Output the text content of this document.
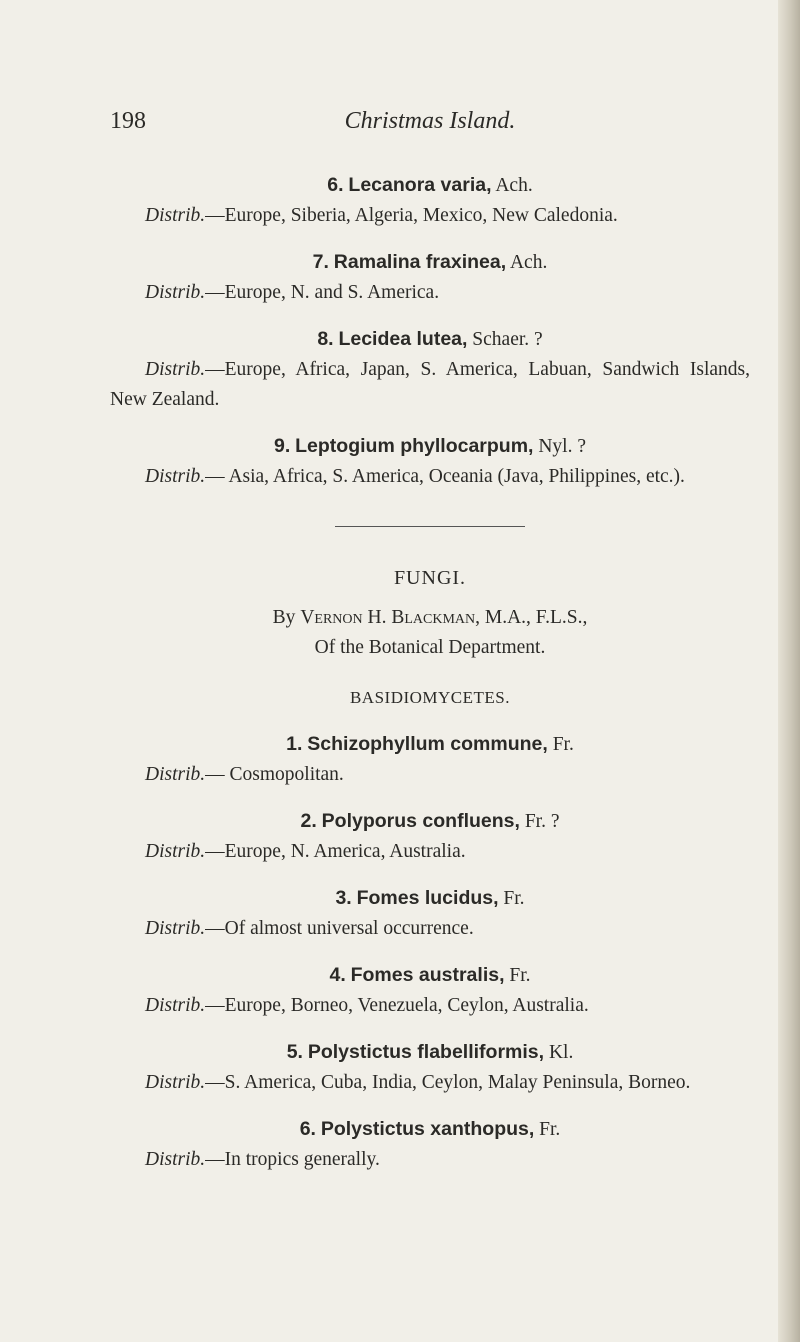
198	Christmas Island.

6. Lecanora varia, Ach.

Distrib.—Europe, Siberia, Algeria, Mexico, New Caledonia.

7. Ramalina fraxinea, Ach.

Distrib.—Europe, N. and S. America.

8. Lecidea lutea, Schaer. ?

Distrib.—Europe, Africa, Japan, S. America, Labuan, Sandwich Islands, New Zealand.

9. Leptogium phyllocarpum, Nyl. ?

Distrib.— Asia, Africa, S. America, Oceania (Java, Philippines, etc.).

FUNGI.
By Vernon H. Blackman, M.A., F.L.S.,
Of the Botanical Department.
BASIDIOMYCETES.

1. Schizophyllum commune, Fr.

Distrib.— Cosmopolitan.

2. Polyporus confluens, Fr. ?

Distrib.—Europe, N. America, Australia.

3. Fomes lucidus, Fr.

Distrib.—Of almost universal occurrence.

4. Fomes australis, Fr.

Distrib.—Europe, Borneo, Venezuela, Ceylon, Australia.

5. Polystictus flabelliformis, Kl.

Distrib.—S. America, Cuba, India, Ceylon, Malay Peninsula, Borneo.

6. Polystictus xanthopus, Fr.

Distrib.—In tropics generally.
